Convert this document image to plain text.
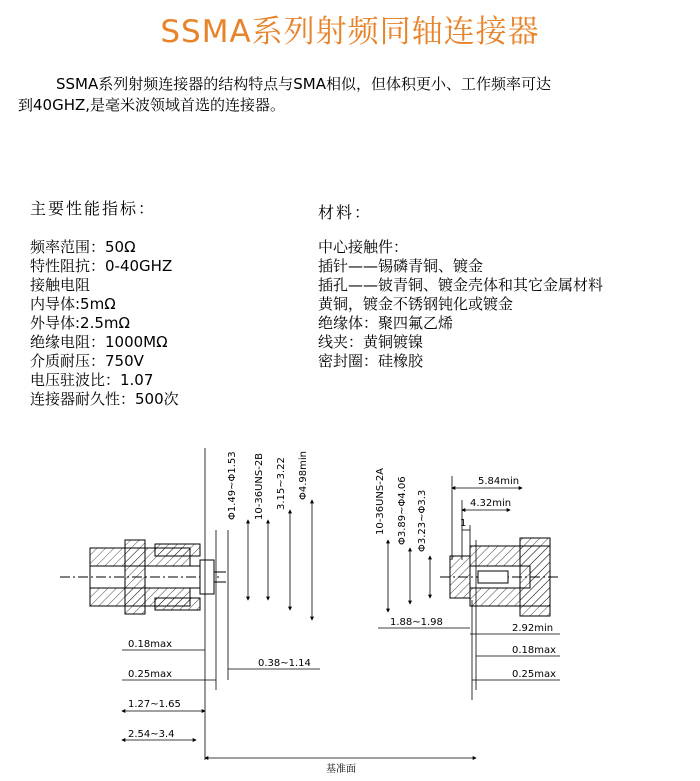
SSMA系列射频同轴连接器

SSMA系列射频连接器的结构特点与SMA相似，但体积更小、工作频率可达

到40GHZ,是毫米波领域首选的连接器。

主要性能指标：
频率范围：50Ω
特性阻抗：0-40GHZ
接触电阻
内导体:5mΩ
外导体:2.5mΩ
绝缘电阻：1000MΩ
介质耐压：750V
电压驻波比：1.07
连接器耐久性：500次
材料：
中心接触件：
插针——锡磷青铜、镀金
插孔——铍青铜、镀金壳体和其它金属材料
黄铜，镀金不锈钢钝化或镀金
绝缘体：聚四氟乙烯
线夹：黄铜镀镍
密封圈：硅橡胶
Φ1.49~Φ1.53 10-36UNS-2B 3.15~3.22 Φ4.98min
0.18max
0.25max
1.27~1.65
2.54~3.4
0.38~1.14
10-36UNS-2A Φ3.89~Φ4.06 Φ3.23~Φ3.3
5.84min
4.32min
1
1.88~1.98
2.92min
0.18max
0.25max
基准面
